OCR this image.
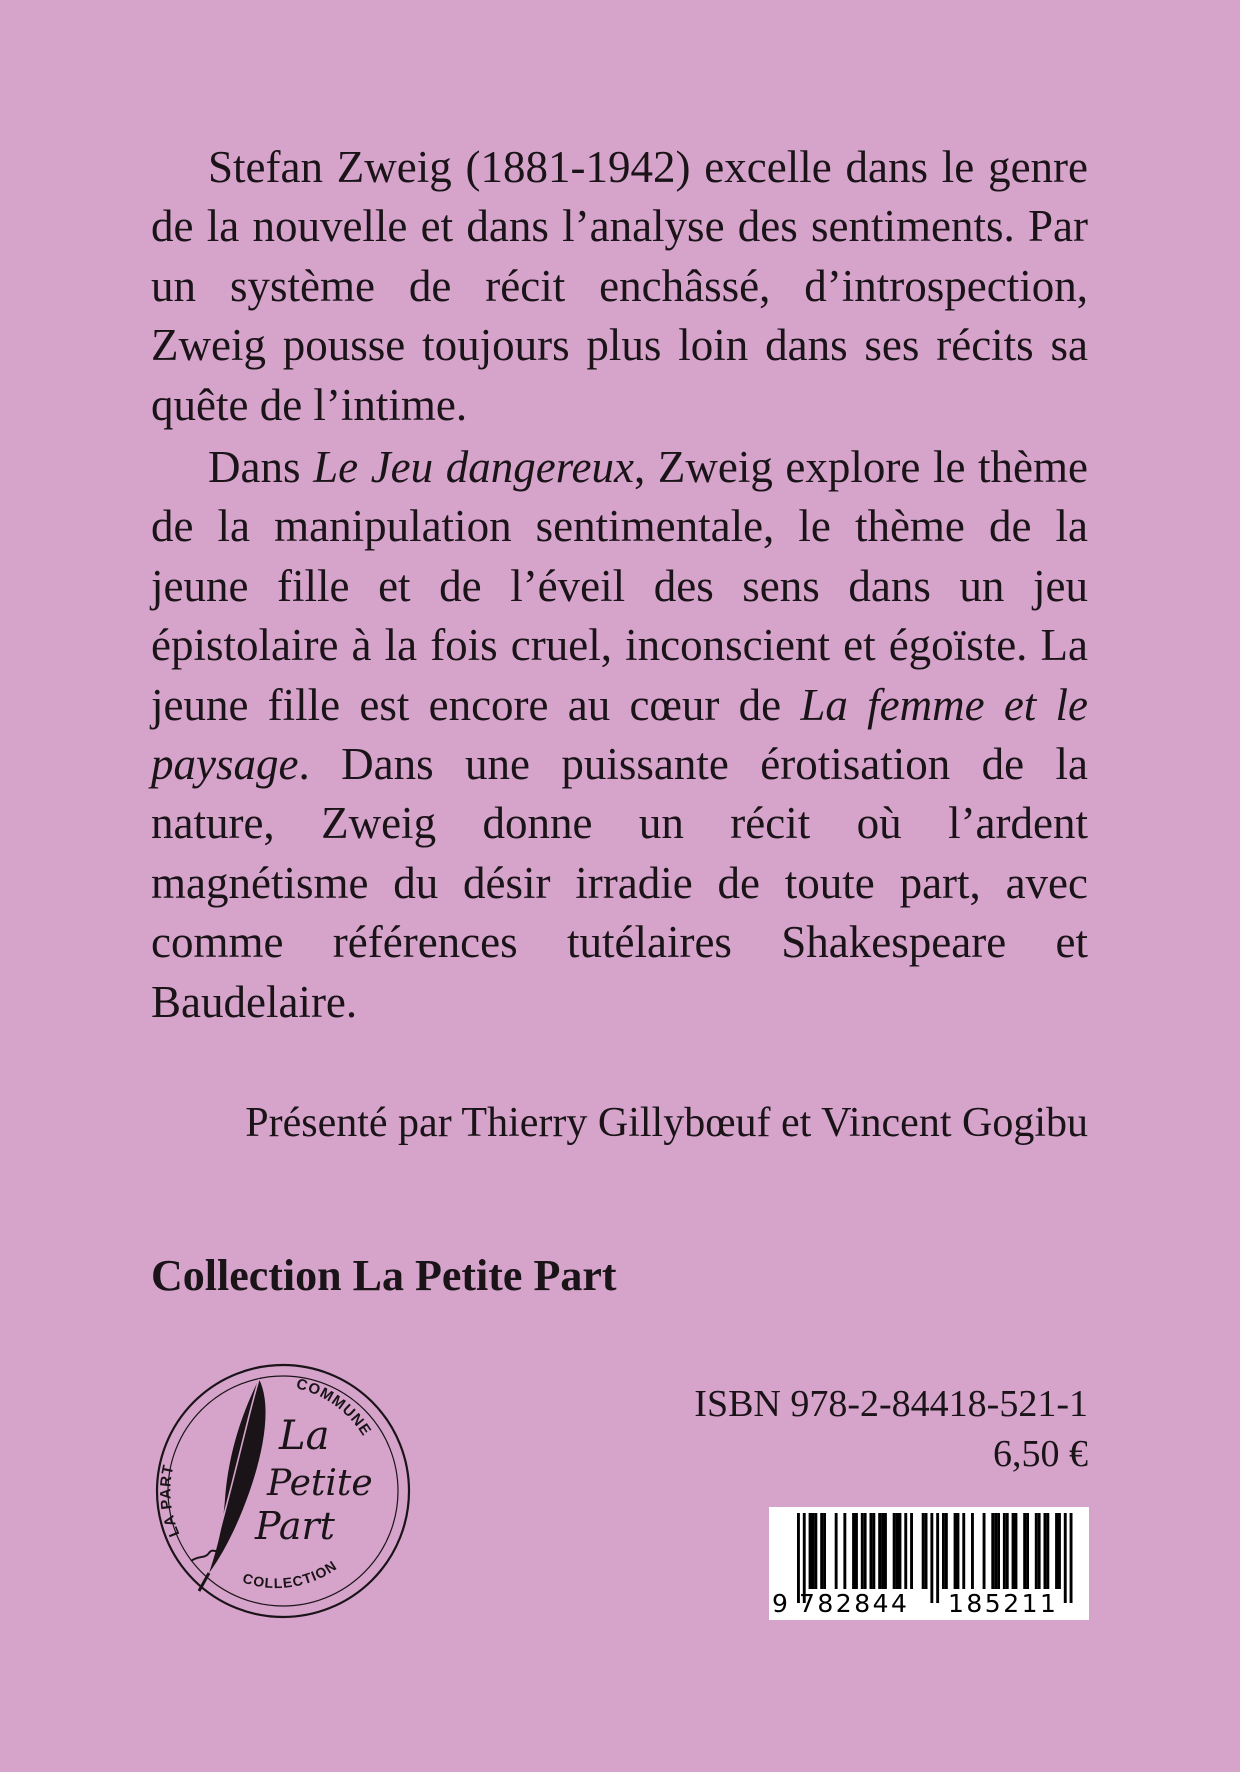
Stefan Zweig (1881-1942) excelle dans le genre de la nouvelle et dans l’analyse des sentiments. Par un système de récit enchâssé, d’introspection, Zweig pousse toujours plus loin dans ses récits sa quête de l’intime.

Dans Le Jeu dangereux, Zweig explore le thème de la manipulation sentimentale, le thème de la jeune fille et de l’éveil des sens dans un jeu épistolaire à la fois cruel, inconscient et égoïste. La jeune fille est encore au cœur de La femme et le paysage. Dans une puissante érotisation de la nature, Zweig donne un récit où l’ardent magnétisme du désir irradie de toute part, avec comme références tutélaires Shakespeare et Baudelaire.

Présenté par Thierry Gillybœuf et Vincent Gogibu
Collection La Petite Part
LA PART
COMMUNE
COLLECTION
La
Petite
Part
ISBN 978-2-84418-521-1
6,50 €
9 782844 185211
